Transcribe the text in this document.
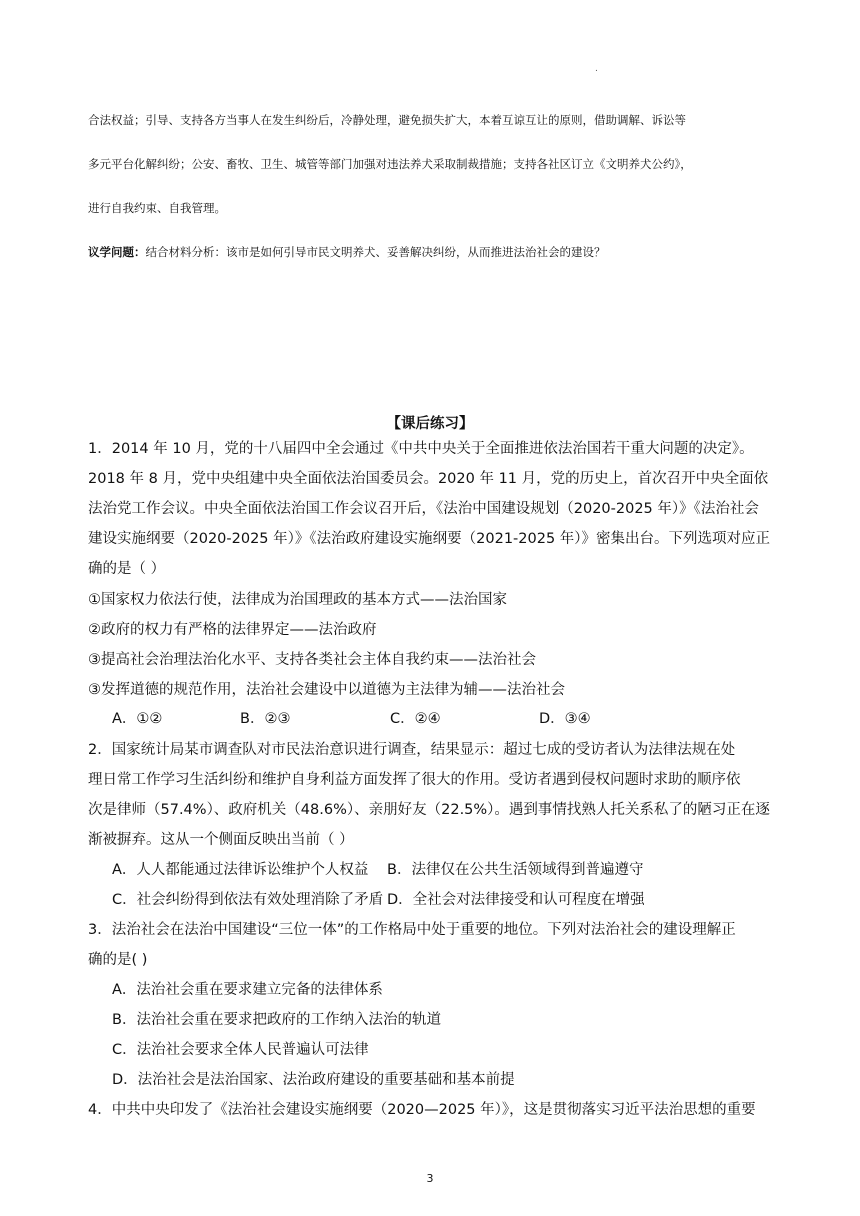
.
合法权益；引导、支持各方当事人在发生纠纷后，冷静处理，避免损失扩大，本着互谅互让的原则，借助调解、诉讼等
多元平台化解纠纷；公安、畜牧、卫生、城管等部门加强对违法养犬采取制裁措施；支持各社区订立《文明养犬公约》，
进行自我约束、自我管理。
议学问题：结合材料分析：该市是如何引导市民文明养犬、妥善解决纠纷，从而推进法治社会的建设？
【课后练习】
1．2014 年 10 月，党的十八届四中全会通过《中共中央关于全面推进依法治国若干重大问题的决定》。
2018 年 8 月，党中央组建中央全面依法治国委员会。2020 年 11 月，党的历史上，首次召开中央全面依
法治党工作会议。中央全面依法治国工作会议召开后，《法治中国建设规划（2020-2025 年）》《法治社会
建设实施纲要（2020-2025 年）》《法治政府建设实施纲要（2021-2025 年）》密集出台。下列选项对应正
确的是（ ）
①国家权力依法行使，法律成为治国理政的基本方式——法治国家
②政府的权力有严格的法律界定——法治政府
③提高社会治理法治化水平、支持各类社会主体自我约束——法治社会
③发挥道德的规范作用，法治社会建设中以道德为主法律为辅——法治社会
A．①②	B．②③	C．②④	D．③④
2．国家统计局某市调查队对市民法治意识进行调查，结果显示：超过七成的受访者认为法律法规在处
理日常工作学习生活纠纷和维护自身利益方面发挥了很大的作用。受访者遇到侵权问题时求助的顺序依
次是律师（57.4%）、政府机关（48.6%）、亲朋好友（22.5%）。遇到事情找熟人托关系私了的陋习正在逐
渐被摒弃。这从一个侧面反映出当前（ ）
A．人人都能通过法律诉讼维护个人权益 B．法律仅在公共生活领域得到普遍遵守
C．社会纠纷得到依法有效处理消除了矛盾 D．全社会对法律接受和认可程度在增强
3．法治社会在法治中国建设“三位一体”的工作格局中处于重要的地位。下列对法治社会的建设理解正
确的是( )
A．法治社会重在要求建立完备的法律体系
B．法治社会重在要求把政府的工作纳入法治的轨道
C．法治社会要求全体人民普遍认可法律
D．法治社会是法治国家、法治政府建设的重要基础和基本前提
4．中共中央印发了《法治社会建设实施纲要（2020—2025 年）》，这是贯彻落实习近平法治思想的重要
3
